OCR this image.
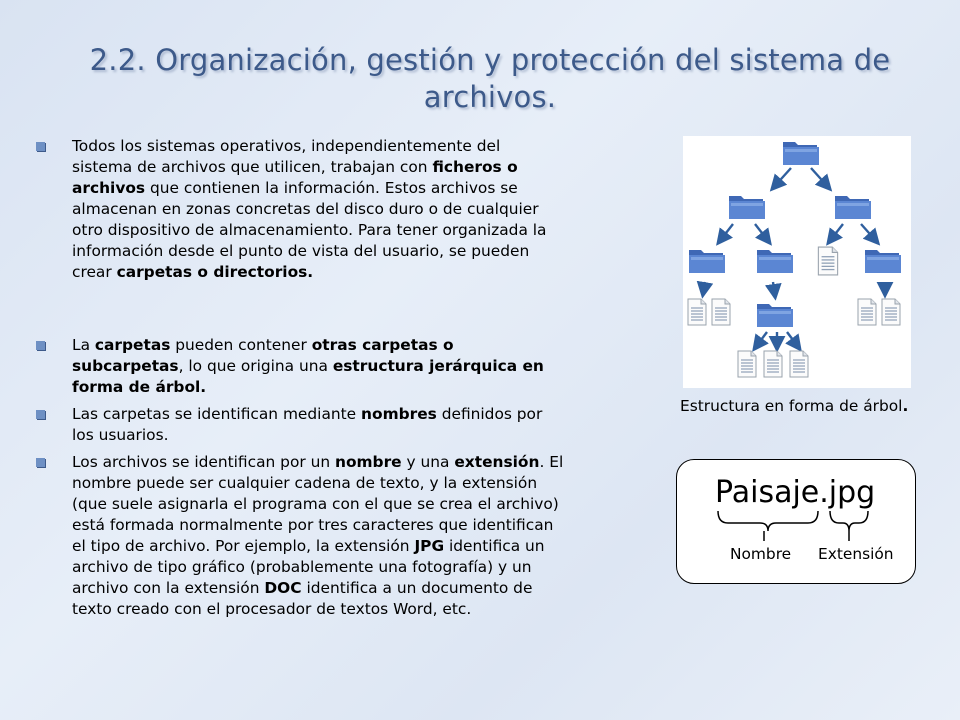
2.2. Organización, gestión y protección del sistema de archivos.

Todos los sistemas operativos, independientemente del sistema de archivos que utilicen, trabajan con ficheros o archivos que contienen la información. Estos archivos se almacenan en zonas concretas del disco duro o de cualquier otro dispositivo de almacenamiento. Para tener organizada la información desde el punto de vista del usuario, se pueden crear carpetas o directorios.

La carpetas pueden contener otras carpetas o subcarpetas, lo que origina una estructura jerárquica en forma de árbol.

Las carpetas se identifican mediante nombres definidos por los usuarios.

Los archivos se identifican por un nombre y una extensión. El nombre puede ser cualquier cadena de texto, y la extensión (que suele asignarla el programa con el que se crea el archivo) está formada normalmente por tres caracteres que identifican el tipo de archivo. Por ejemplo, la extensión JPG identifica un archivo de tipo gráfico (probablemente una fotografía) y un archivo con la extensión DOC identifica a un documento de texto creado con el procesador de textos Word, etc.

Estructura en forma de árbol.
Paisaje.jpg
Nombre Extensión
